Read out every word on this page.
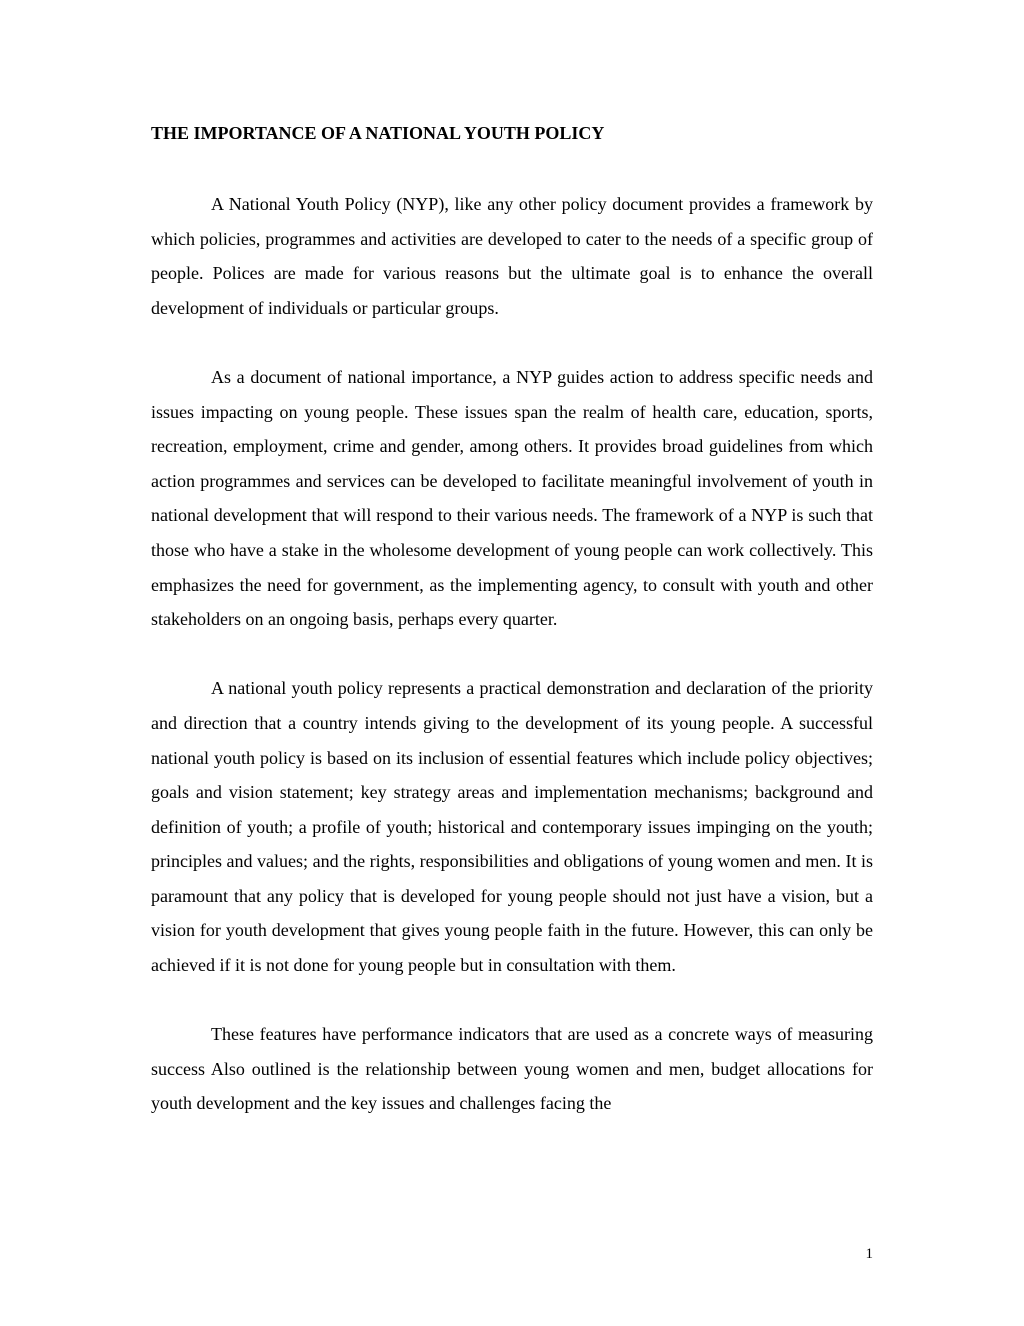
THE IMPORTANCE OF A NATIONAL YOUTH POLICY

A National Youth Policy (NYP), like any other policy document provides a framework by which policies, programmes and activities are developed to cater to the needs of a specific group of people. Polices are made for various reasons but the ultimate goal is to enhance the overall development of individuals or particular groups.

As a document of national importance, a NYP guides action to address specific needs and issues impacting on young people. These issues span the realm of health care, education, sports, recreation, employment, crime and gender, among others. It provides broad guidelines from which action programmes and services can be developed to facilitate meaningful involvement of youth in national development that will respond to their various needs. The framework of a NYP is such that those who have a stake in the wholesome development of young people can work collectively. This emphasizes the need for government, as the implementing agency, to consult with youth and other stakeholders on an ongoing basis, perhaps every quarter.

A national youth policy represents a practical demonstration and declaration of the priority and direction that a country intends giving to the development of its young people. A successful national youth policy is based on its inclusion of essential features which include policy objectives; goals and vision statement; key strategy areas and implementation mechanisms; background and definition of youth; a profile of youth; historical and contemporary issues impinging on the youth; principles and values; and the rights, responsibilities and obligations of young women and men. It is paramount that any policy that is developed for young people should not just have a vision, but a vision for youth development that gives young people faith in the future. However, this can only be achieved if it is not done for young people but in consultation with them.

These features have performance indicators that are used as a concrete ways of measuring success Also outlined is the relationship between young women and men, budget allocations for youth development and the key issues and challenges facing the

1
